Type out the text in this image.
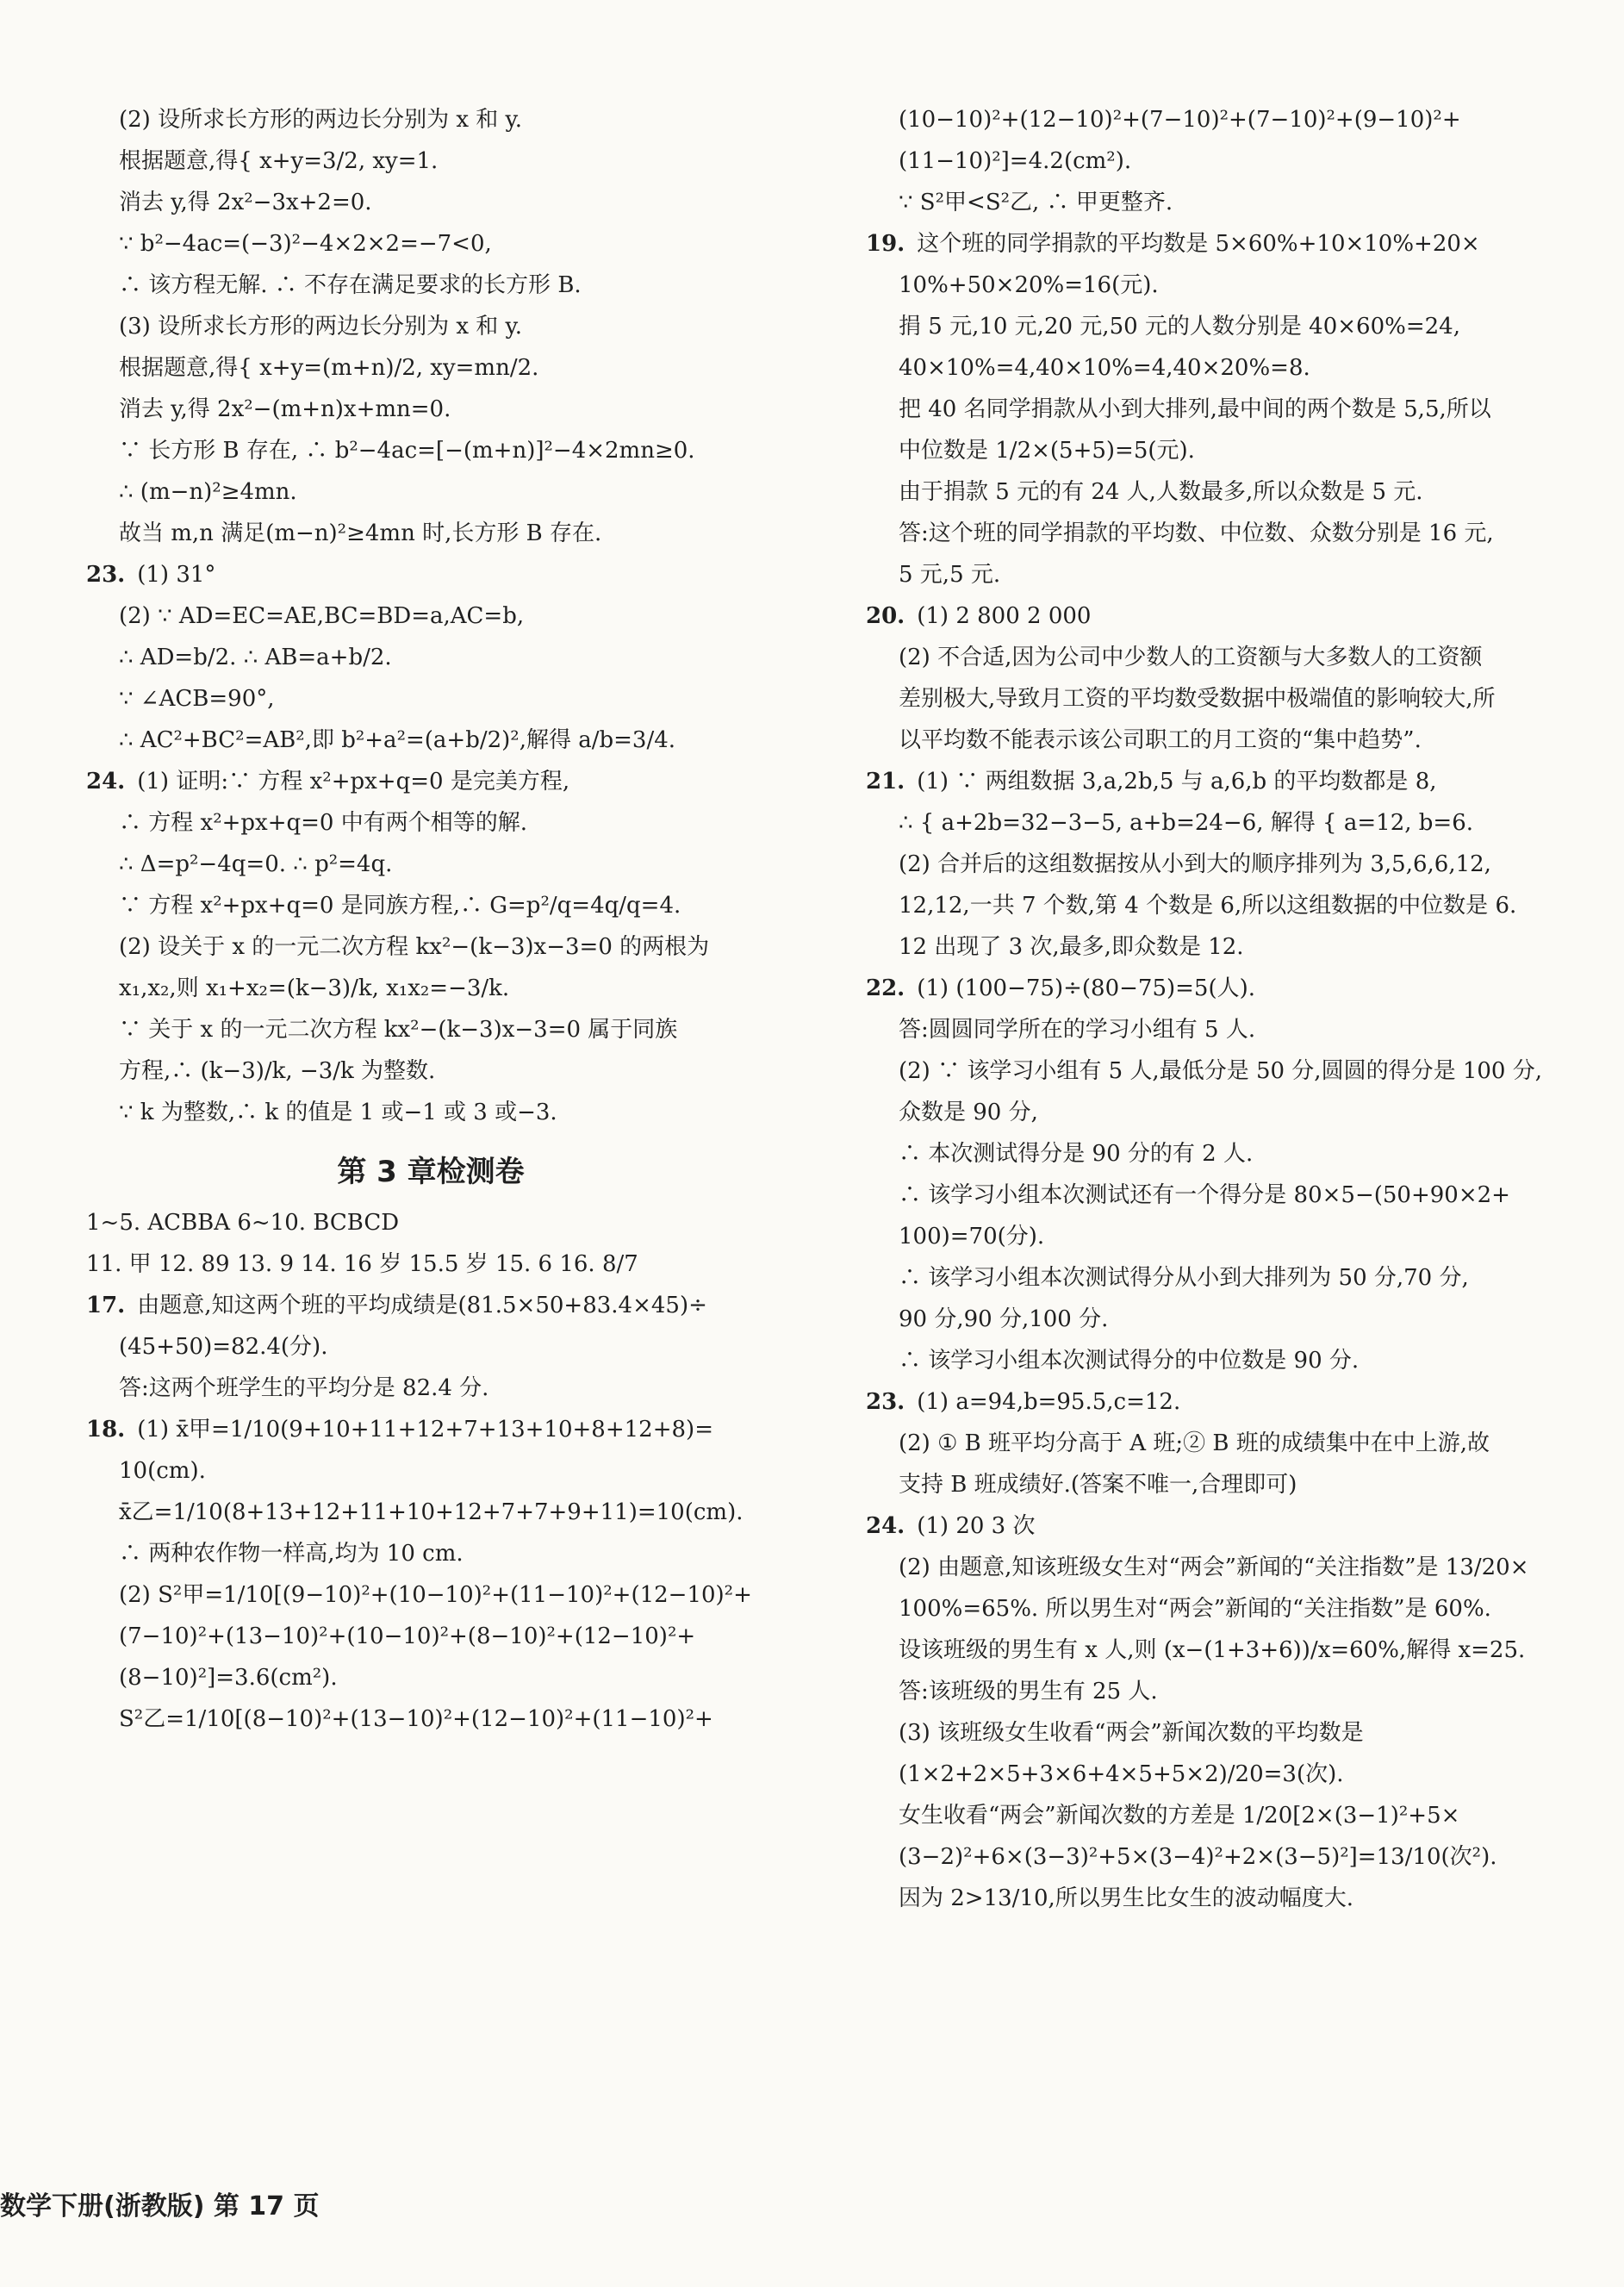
(2) 设所求长方形的两边长分别为 x 和 y.
根据题意,得{ x+y=3/2, xy=1.
消去 y,得 2x²−3x+2=0.
∵ b²−4ac=(−3)²−4×2×2=−7<0,
∴ 该方程无解. ∴ 不存在满足要求的长方形 B.
(3) 设所求长方形的两边长分别为 x 和 y.
根据题意,得{ x+y=(m+n)/2, xy=mn/2.
消去 y,得 2x²−(m+n)x+mn=0.
∵ 长方形 B 存在, ∴ b²−4ac=[−(m+n)]²−4×2mn≥0.
∴ (m−n)²≥4mn.
故当 m,n 满足(m−n)²≥4mn 时,长方形 B 存在.
23. (1) 31°
(2) ∵ AD=EC=AE,BC=BD=a,AC=b,
∴ AD=b/2. ∴ AB=a+b/2.
∵ ∠ACB=90°,
∴ AC²+BC²=AB²,即 b²+a²=(a+b/2)²,解得 a/b=3/4.
24. (1) 证明:∵ 方程 x²+px+q=0 是完美方程,
∴ 方程 x²+px+q=0 中有两个相等的解.
∴ Δ=p²−4q=0. ∴ p²=4q.
∵ 方程 x²+px+q=0 是同族方程,∴ G=p²/q=4q/q=4.
(2) 设关于 x 的一元二次方程 kx²−(k−3)x−3=0 的两根为
x₁,x₂,则 x₁+x₂=(k−3)/k, x₁x₂=−3/k.
∵ 关于 x 的一元二次方程 kx²−(k−3)x−3=0 属于同族
方程,∴ (k−3)/k, −3/k 为整数.
∵ k 为整数,∴ k 的值是 1 或−1 或 3 或−3.
第 3 章检测卷
1~5. ACBBA 6~10. BCBCD
11. 甲 12. 89 13. 9 14. 16 岁 15.5 岁 15. 6 16. 8/7
17. 由题意,知这两个班的平均成绩是(81.5×50+83.4×45)÷
(45+50)=82.4(分).
答:这两个班学生的平均分是 82.4 分.
18. (1) x̄甲=1/10(9+10+11+12+7+13+10+8+12+8)=
10(cm).
x̄乙=1/10(8+13+12+11+10+12+7+7+9+11)=10(cm).
∴ 两种农作物一样高,均为 10 cm.
(2) S²甲=1/10[(9−10)²+(10−10)²+(11−10)²+(12−10)²+
(7−10)²+(13−10)²+(10−10)²+(8−10)²+(12−10)²+
(8−10)²]=3.6(cm²).
S²乙=1/10[(8−10)²+(13−10)²+(12−10)²+(11−10)²+
(10−10)²+(12−10)²+(7−10)²+(7−10)²+(9−10)²+
(11−10)²]=4.2(cm²).
∵ S²甲<S²乙, ∴ 甲更整齐.
19. 这个班的同学捐款的平均数是 5×60%+10×10%+20×
10%+50×20%=16(元).
捐 5 元,10 元,20 元,50 元的人数分别是 40×60%=24,
40×10%=4,40×10%=4,40×20%=8.
把 40 名同学捐款从小到大排列,最中间的两个数是 5,5,所以
中位数是 1/2×(5+5)=5(元).
由于捐款 5 元的有 24 人,人数最多,所以众数是 5 元.
答:这个班的同学捐款的平均数、中位数、众数分别是 16 元,
5 元,5 元.
20. (1) 2 800 2 000
(2) 不合适,因为公司中少数人的工资额与大多数人的工资额
差别极大,导致月工资的平均数受数据中极端值的影响较大,所
以平均数不能表示该公司职工的月工资的“集中趋势”.
21. (1) ∵ 两组数据 3,a,2b,5 与 a,6,b 的平均数都是 8,
∴ { a+2b=32−3−5, a+b=24−6, 解得 { a=12, b=6.
(2) 合并后的这组数据按从小到大的顺序排列为 3,5,6,6,12,
12,12,一共 7 个数,第 4 个数是 6,所以这组数据的中位数是 6.
12 出现了 3 次,最多,即众数是 12.
22. (1) (100−75)÷(80−75)=5(人).
答:圆圆同学所在的学习小组有 5 人.
(2) ∵ 该学习小组有 5 人,最低分是 50 分,圆圆的得分是 100 分,
众数是 90 分,
∴ 本次测试得分是 90 分的有 2 人.
∴ 该学习小组本次测试还有一个得分是 80×5−(50+90×2+
100)=70(分).
∴ 该学习小组本次测试得分从小到大排列为 50 分,70 分,
90 分,90 分,100 分.
∴ 该学习小组本次测试得分的中位数是 90 分.
23. (1) a=94,b=95.5,c=12.
(2) ① B 班平均分高于 A 班;② B 班的成绩集中在中上游,故
支持 B 班成绩好.(答案不唯一,合理即可)
24. (1) 20 3 次
(2) 由题意,知该班级女生对“两会”新闻的“关注指数”是 13/20×
100%=65%. 所以男生对“两会”新闻的“关注指数”是 60%.
设该班级的男生有 x 人,则 (x−(1+3+6))/x=60%,解得 x=25.
答:该班级的男生有 25 人.
(3) 该班级女生收看“两会”新闻次数的平均数是
(1×2+2×5+3×6+4×5+5×2)/20=3(次).
女生收看“两会”新闻次数的方差是 1/20[2×(3−1)²+5×
(3−2)²+6×(3−3)²+5×(3−4)²+2×(3−5)²]=13/10(次²).
因为 2>13/10,所以男生比女生的波动幅度大.
数学下册(浙教版) 第 17 页
